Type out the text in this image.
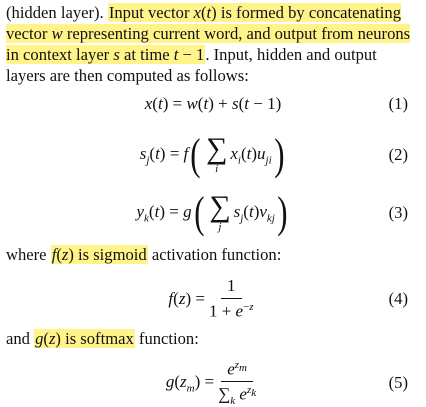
(hidden layer). Input vector x(t) is formed by concatenating vector w representing current word, and output from neurons in context layer s at time t − 1. Input, hidden and output layers are then computed as follows:

x(t) = w(t) + s(t − 1)	(1)
$s_j(t) = f$ ( ∑
i
$x_i(t)u_{ji}$ )	(2)
$y_k(t) = g$ ( ∑
j
$s_j(t)v_{kj}$ )	(3)

where f(z) is sigmoid activation function:

$f(z) = \frac{1}{1 + e^{-z}}$	(4)

and g(z) is softmax function:

$g(z_m) = \frac{e^{z_m}}{\sum_k e^{z_k}}$	(5)
